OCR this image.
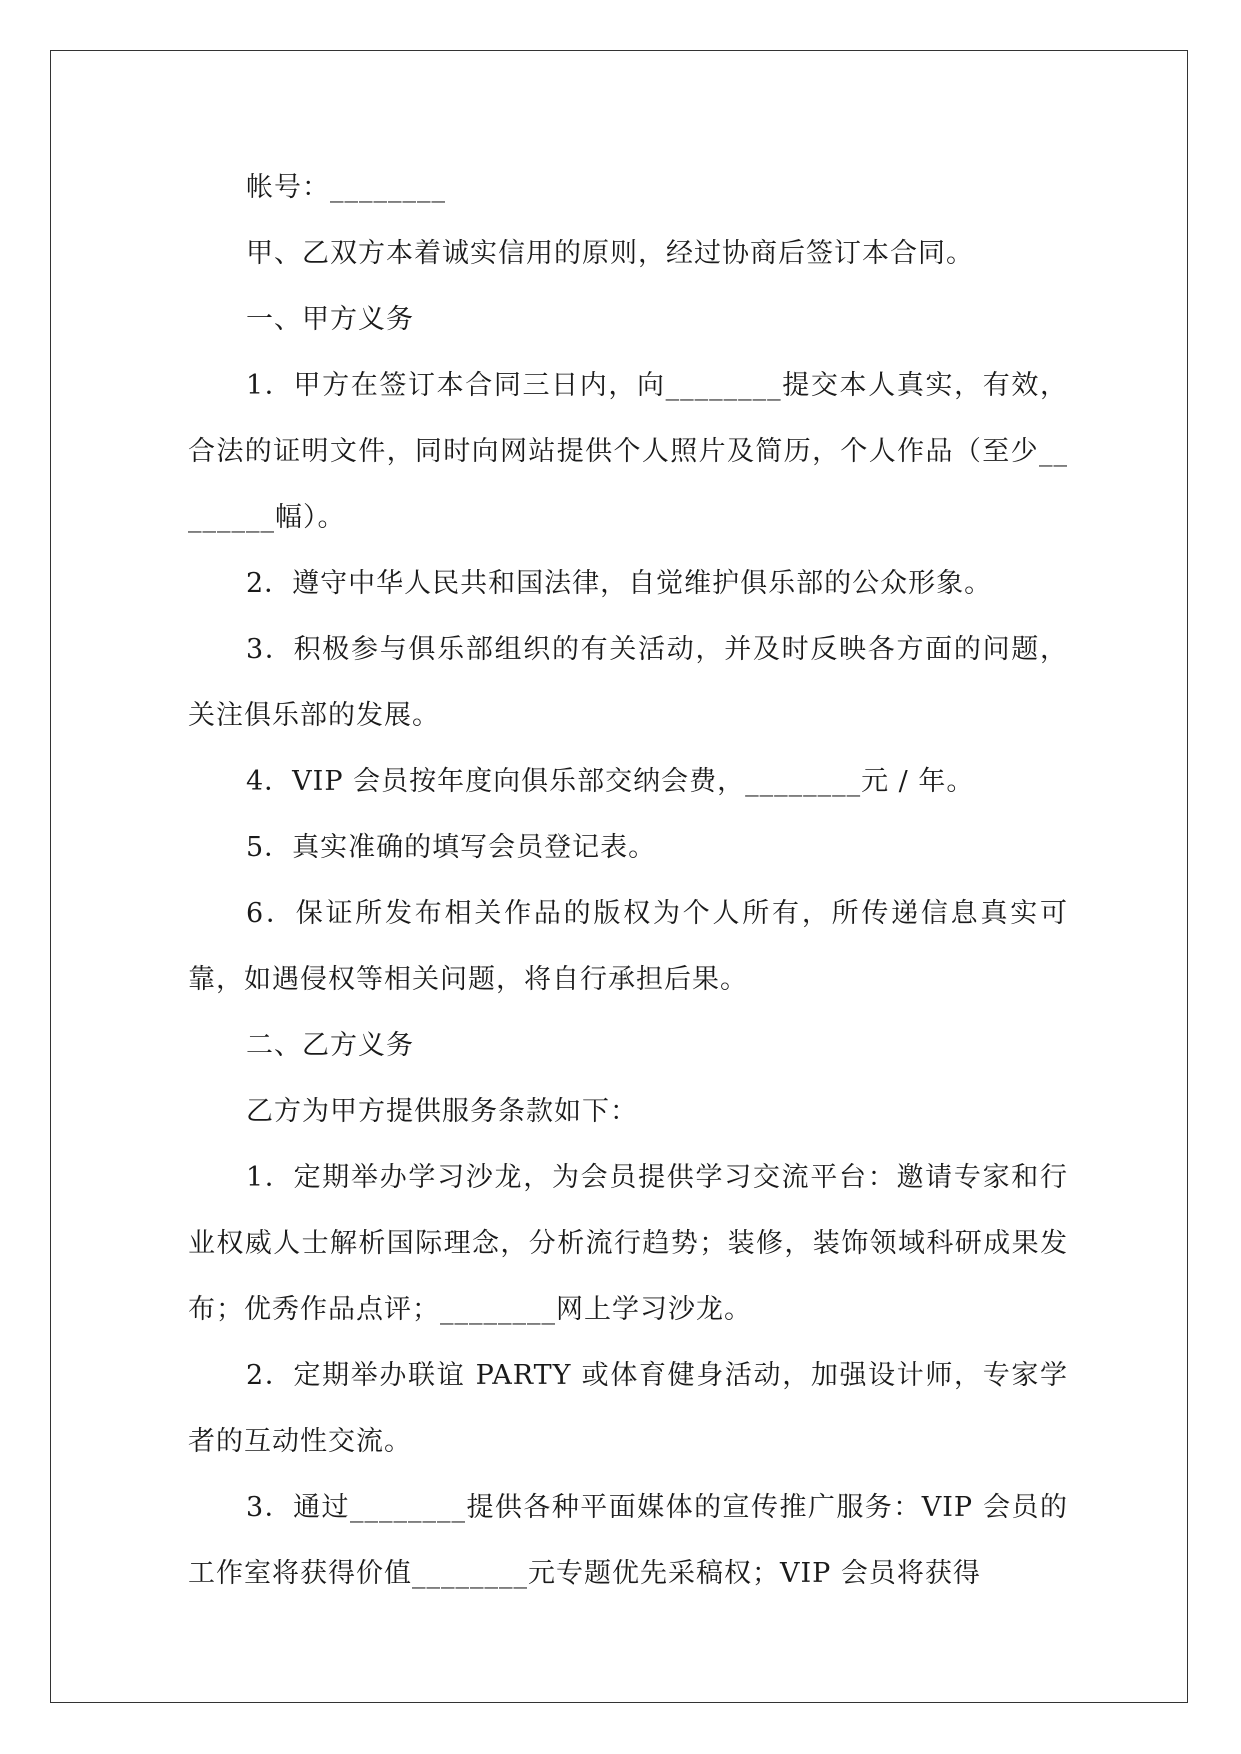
帐号：________

甲、乙双方本着诚实信用的原则，经过协商后签订本合同。

一、甲方义务

1．甲方在签订本合同三日内，向________提交本人真实，有效，合法的证明文件，同时向网站提供个人照片及简历，个人作品（至少________幅）。

2．遵守中华人民共和国法律，自觉维护俱乐部的公众形象。

3．积极参与俱乐部组织的有关活动，并及时反映各方面的问题，关注俱乐部的发展。

4．VIP 会员按年度向俱乐部交纳会费，________元 / 年。

5．真实准确的填写会员登记表。

6．保证所发布相关作品的版权为个人所有，所传递信息真实可靠，如遇侵权等相关问题，将自行承担后果。

二、乙方义务

乙方为甲方提供服务条款如下：

1．定期举办学习沙龙，为会员提供学习交流平台：邀请专家和行业权威人士解析国际理念，分析流行趋势；装修，装饰领域科研成果发布；优秀作品点评；________网上学习沙龙。

2．定期举办联谊 PARTY 或体育健身活动，加强设计师，专家学者的互动性交流。

3．通过________提供各种平面媒体的宣传推广服务：VIP 会员的工作室将获得价值________元专题优先采稿权；VIP 会员将获得
